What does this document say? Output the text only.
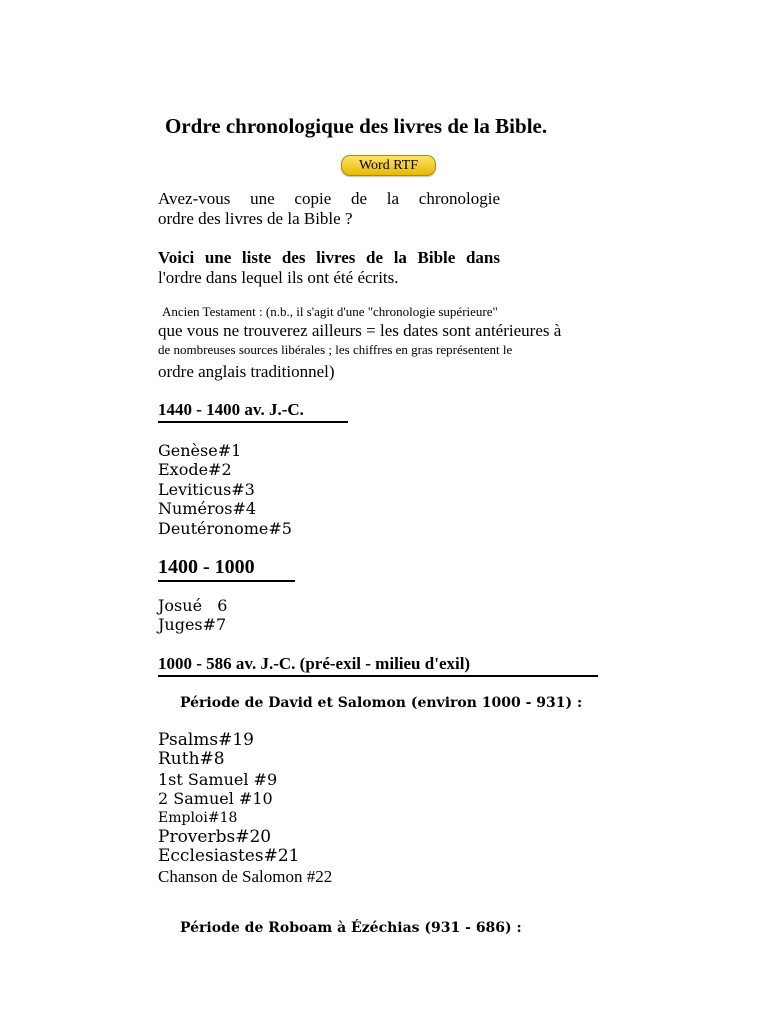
Ordre chronologique des livres de la Bible.
Word RTF
Avez-vous une copie de la chronologie
ordre des livres de la Bible ?
Voici une liste des livres de la Bible dans
l'ordre dans lequel ils ont été écrits.
Ancien Testament : (n.b., il s'agit d'une "chronologie supérieure"
que vous ne trouverez ailleurs = les dates sont antérieures à
de nombreuses sources libérales ; les chiffres en gras représentent le
ordre anglais traditionnel)
1440 - 1400 av. J.-C.
Genèse#1
Exode#2
Leviticus#3
Numéros#4
Deutéronome#5
1400 - 1000
Josué   6
Juges#7
1000 - 586 av. J.-C. (pré-exil - milieu d'exil)
Période de David et Salomon (environ 1000 - 931) :
Psalms#19
Ruth#8
1st Samuel #9
2 Samuel #10
Emploi#18
Proverbs#20
Ecclesiastes#21
Chanson de Salomon #22
Période de Roboam à Ézéchias (931 - 686) :
